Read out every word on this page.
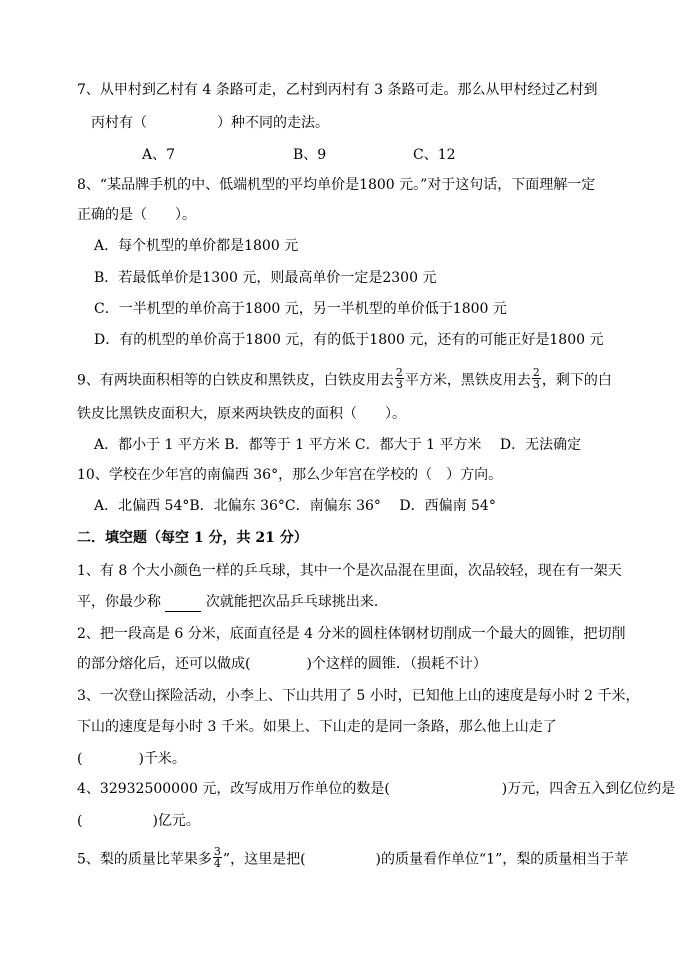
7、从甲村到乙村有 4 条路可走，乙村到丙村有 3 条路可走。那么从甲村经过乙村到
丙村有（　　　　　）种不同的走法。
A、7	B、9	C、12
8、“某品牌手机的中、低端机型的平均单价是1800 元。”对于这句话，下面理解一定
正确的是（　　）。
A．每个机型的单价都是1800 元
B．若最低单价是1300 元，则最高单价一定是2300 元
C．一半机型的单价高于1800 元，另一半机型的单价低于1800 元
D．有的机型的单价高于1800 元，有的低于1800 元，还有的可能正好是1800 元
9、有两块面积相等的白铁皮和黑铁皮，白铁皮用去 $\frac{2}{3}$ 平方米，黑铁皮用去 $\frac{2}{3}$ ，剩下的白
铁皮比黑铁皮面积大，原来两块铁皮的面积（　　）。
A．都小于 1 平方米 B．都等于 1 平方米 C．都大于 1 平方米　 D．无法确定
10、学校在少年宫的南偏西 36°，那么少年宫在学校的（　）方向。
A．北偏西 54°B．北偏东 36°C．南偏东 36°　 D．西偏南 54°
二．填空题（每空 1 分，共 21 分）
1、有 8 个大小颜色一样的乒乓球，其中一个是次品混在里面，次品较轻，现在有一架天
平，你最少称	次就能把次品乒乓球挑出来．
2、把一段高是 6 分米，底面直径是 4 分米的圆柱体钢材切削成一个最大的圆锥，把切削
的部分熔化后，还可以做成(　　　　)个这样的圆锥．（损耗不计）
3、一次登山探险活动，小李上、下山共用了 5 小时，已知他上山的速度是每小时 2 千米，
下山的速度是每小时 3 千米。如果上、下山走的是同一条路，那么他上山走了
(　　　　)千米。
4、32932500000 元，改写成用万作单位的数是(　　　　　　　　)万元，四舍五入到亿位约是
(　　　　　)亿元。
5、梨的质量比苹果多 $\frac{3}{4}$ ”，这里是把(　　　　　)的质量看作单位“1”，梨的质量相当于苹
